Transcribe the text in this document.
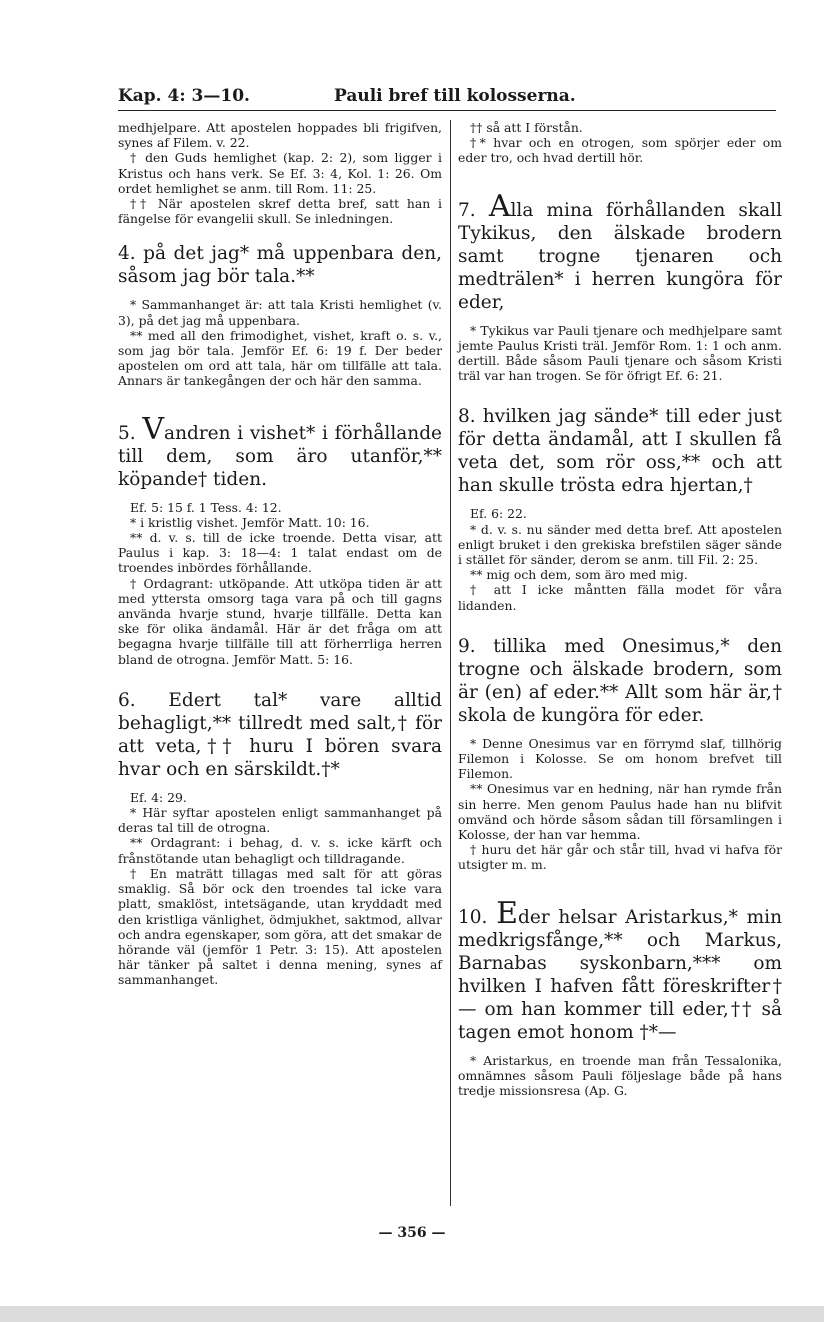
Kap. 4: 3—10.	Pauli bref till kolosserna.

medhjelpare. Att apostelen hoppades bli frigifven, synes af Filem. v. 22.

† den Guds hemlighet (kap. 2: 2), som ligger i Kristus och hans verk. Se Ef. 3: 4, Kol. 1: 26. Om ordet hemlighet se anm. till Rom. 11: 25.

†† När apostelen skref detta bref, satt han i fängelse för evangelii skull. Se inledningen.

4. på det jag* må uppenbara den, såsom jag bör tala.**

* Sammanhanget är: att tala Kristi hemlighet (v. 3), på det jag må uppenbara.

** med all den frimodighet, vishet, kraft o. s. v., som jag bör tala. Jemför Ef. 6: 19 f. Der beder apostelen om ord att tala, här om tillfälle att tala. Annars är tankegången der och här den samma.

5. Vandren i vishet* i förhållande till dem, som äro utanför,** köpande† tiden.

Ef. 5: 15 f. 1 Tess. 4: 12.

* i kristlig vishet. Jemför Matt. 10: 16.

** d. v. s. till de icke troende. Detta visar, att Paulus i kap. 3: 18—4: 1 talat endast om de troendes inbördes förhållande.

† Ordagrant: utköpande. Att utköpa tiden är att med yttersta omsorg taga vara på och till gagns använda hvarje stund, hvarje tillfälle. Detta kan ske för olika ändamål. Här är det fråga om att begagna hvarje tillfälle till att förherrliga herren bland de otrogna. Jemför Matt. 5: 16.

6. Edert tal* vare alltid behagligt,** tillredt med salt,† för att veta,†† huru I bören svara hvar och en särskildt.†*

Ef. 4: 29.

* Här syftar apostelen enligt sammanhanget på deras tal till de otrogna.

** Ordagrant: i behag, d. v. s. icke kärft och frånstötande utan behagligt och tilldragande.

† En maträtt tillagas med salt för att göras smaklig. Så bör ock den troendes tal icke vara platt, smaklöst, intetsägande, utan kryddadt med den kristliga vänlighet, ödmjukhet, saktmod, allvar och andra egenskaper, som göra, att det smakar de hörande väl (jemför 1 Petr. 3: 15). Att apostelen här tänker på saltet i denna mening, synes af sammanhanget.

†† så att I förstån.

†* hvar och en otrogen, som spörjer eder om eder tro, och hvad dertill hör.

7. Alla mina förhållanden skall Tykikus, den älskade brodern samt trogne tjenaren och medträlen* i herren kungöra för eder,

* Tykikus var Pauli tjenare och medhjelpare samt jemte Paulus Kristi träl. Jemför Rom. 1: 1 och anm. dertill. Både såsom Pauli tjenare och såsom Kristi träl var han trogen. Se för öfrigt Ef. 6: 21.

8. hvilken jag sände* till eder just för detta ändamål, att I skullen få veta det, som rör oss,** och att han skulle trösta edra hjertan,†

Ef. 6: 22.

* d. v. s. nu sänder med detta bref. Att apostelen enligt bruket i den grekiska brefstilen säger sände i stället för sänder, derom se anm. till Fil. 2: 25.

** mig och dem, som äro med mig.

† att I icke måntten fälla modet för våra lidanden.

9. tillika med Onesimus,* den trogne och älskade brodern, som är (en) af eder.** Allt som här är,† skola de kungöra för eder.

* Denne Onesimus var en förrymd slaf, tillhörig Filemon i Kolosse. Se om honom brefvet till Filemon.

** Onesimus var en hedning, när han rymde från sin herre. Men genom Paulus hade han nu blifvit omvänd och hörde såsom sådan till församlingen i Kolosse, der han var hemma.

† huru det här går och står till, hvad vi hafva för utsigter m. m.

10. Eder helsar Aristarkus,* min medkrigsfånge,** och Markus, Barnabas syskonbarn,*** om hvilken I hafven fått föreskrifter† — om han kommer till eder,†† så tagen emot honom †*—

* Aristarkus, en troende man från Tessalonika, omnämnes såsom Pauli följeslage både på hans tredje missionsresa (Ap. G.

— 356 —
